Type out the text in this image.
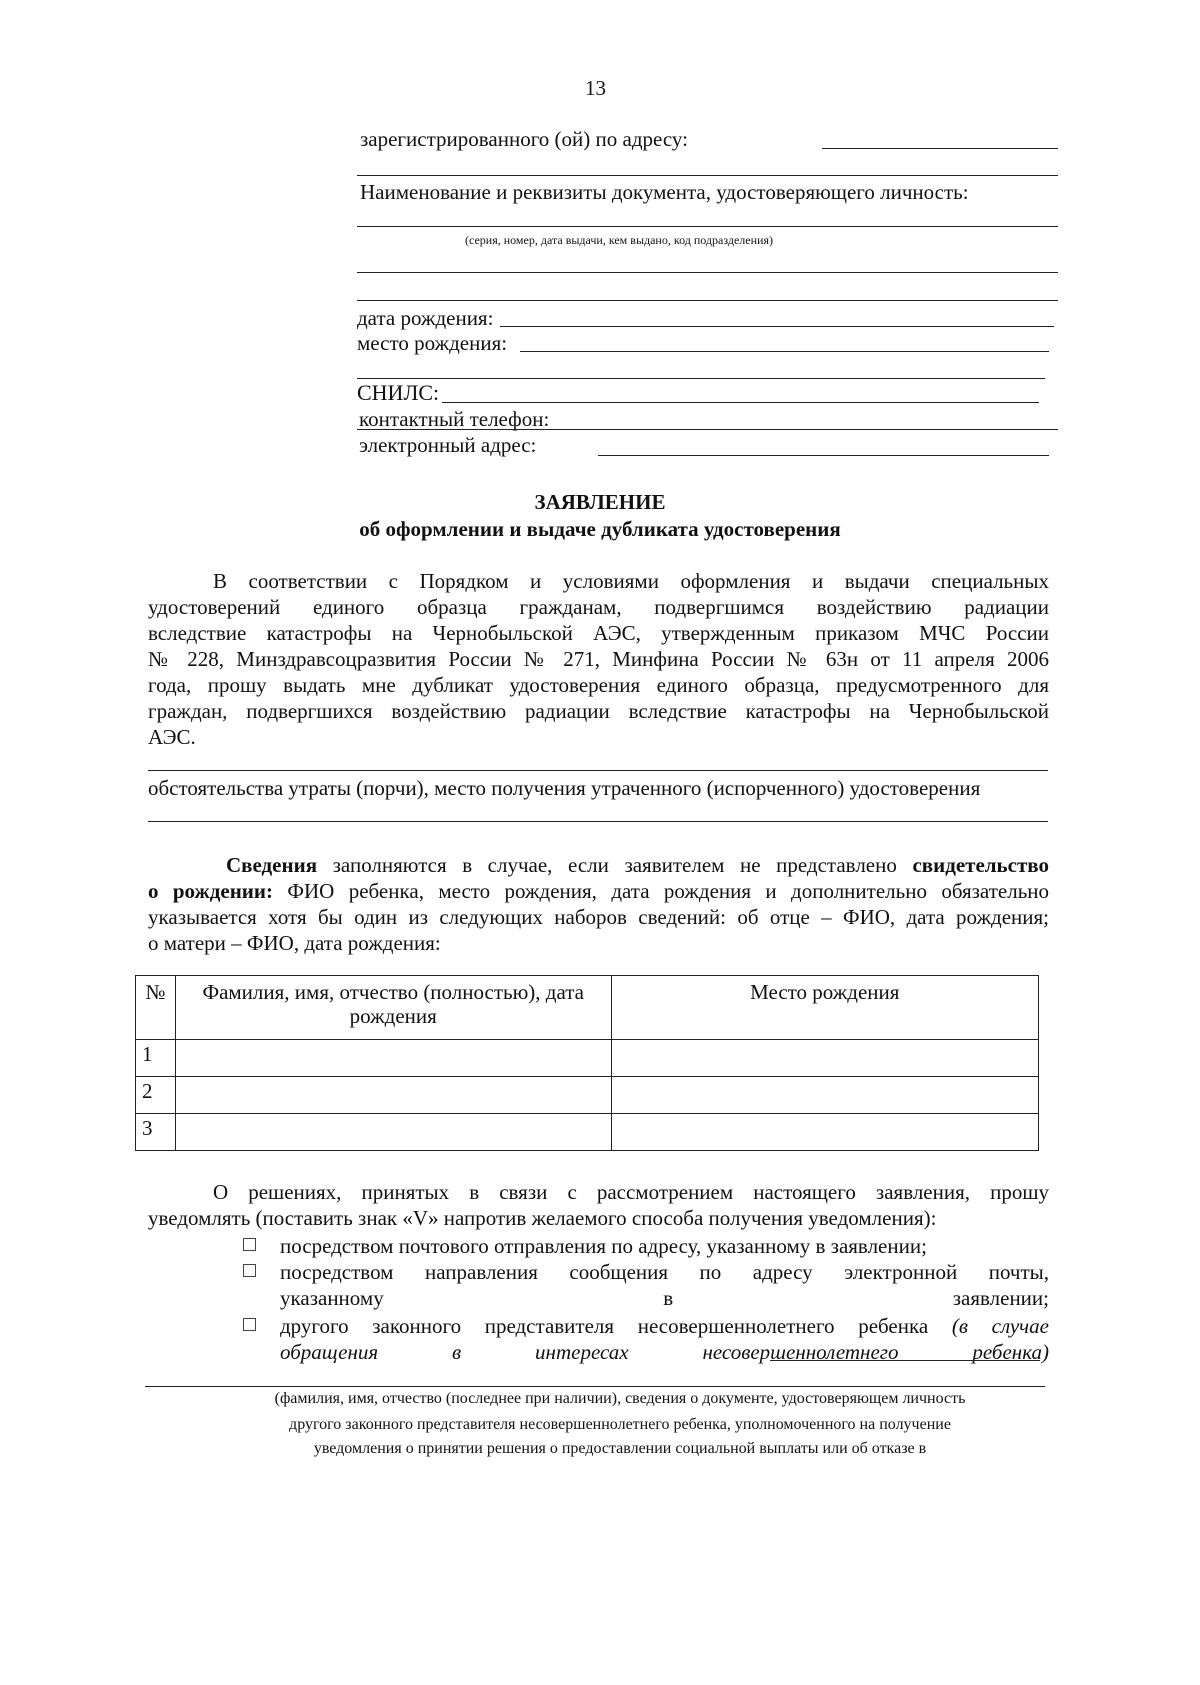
13
зарегистрированного (ой) по адресу:
Наименование и реквизиты документа, удостоверяющего личность:
(серия, номер, дата выдачи, кем выдано, код подразделения)
дата рождения:
место рождения:
СНИЛС:
контактный телефон:
электронный адрес:
ЗАЯВЛЕНИЕ
об оформлении и выдаче дубликата удостоверения
В соответствии с Порядком и условиями оформления и выдачи специальных
удостоверений единого образца гражданам, подвергшимся воздействию радиации
вследствие катастрофы на Чернобыльской АЭС, утвержденным приказом МЧС России
№ 228, Минздравсоцразвития России № 271, Минфина России № 63н от 11 апреля 2006
года, прошу выдать мне дубликат удостоверения единого образца, предусмотренного для
граждан, подвергшихся воздействию радиации вследствие катастрофы на Чернобыльской
АЭС.
обстоятельства утраты (порчи), место получения утраченного (испорченного) удостоверения
Сведения заполняются в случае, если заявителем не представлено свидетельство
о рождении: ФИО ребенка, место рождения, дата рождения и дополнительно обязательно
указывается хотя бы один из следующих наборов сведений: об отце – ФИО, дата рождения;
о матери – ФИО, дата рождения:
№	Фамилия, имя, отчество (полностью), дата рождения	Место рождения
1		
2		
3		
О решениях, принятых в связи с рассмотрением настоящего заявления, прошу
уведомлять (поставить знак «V» напротив желаемого способа получения уведомления):
посредством почтового отправления по адресу, указанному в заявлении;
посредством направления сообщения по адресу электронной почты,
указанному в заявлении;
другого законного представителя несовершеннолетнего ребенка (в случае
обращения в интересах несовершеннолетнего ребенка)
(фамилия, имя, отчество (последнее при наличии), сведения о документе, удостоверяющем личность
другого законного представителя несовершеннолетнего ребенка, уполномоченного на получение
уведомления о принятии решения о предоставлении социальной выплаты или об отказе в
